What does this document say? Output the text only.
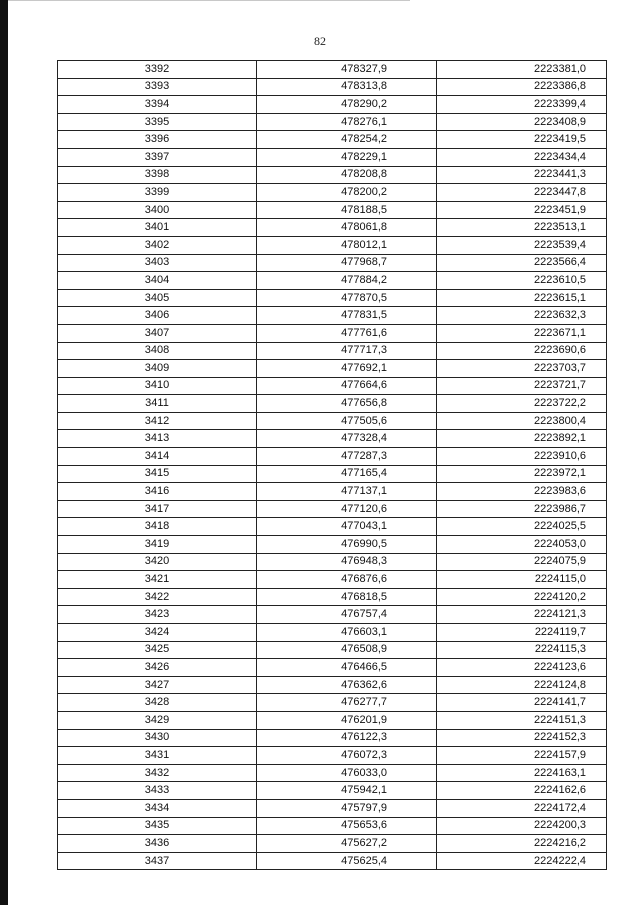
82
3392	478327,9	2223381,0
3393	478313,8	2223386,8
3394	478290,2	2223399,4
3395	478276,1	2223408,9
3396	478254,2	2223419,5
3397	478229,1	2223434,4
3398	478208,8	2223441,3
3399	478200,2	2223447,8
3400	478188,5	2223451,9
3401	478061,8	2223513,1
3402	478012,1	2223539,4
3403	477968,7	2223566,4
3404	477884,2	2223610,5
3405	477870,5	2223615,1
3406	477831,5	2223632,3
3407	477761,6	2223671,1
3408	477717,3	2223690,6
3409	477692,1	2223703,7
3410	477664,6	2223721,7
3411	477656,8	2223722,2
3412	477505,6	2223800,4
3413	477328,4	2223892,1
3414	477287,3	2223910,6
3415	477165,4	2223972,1
3416	477137,1	2223983,6
3417	477120,6	2223986,7
3418	477043,1	2224025,5
3419	476990,5	2224053,0
3420	476948,3	2224075,9
3421	476876,6	2224115,0
3422	476818,5	2224120,2
3423	476757,4	2224121,3
3424	476603,1	2224119,7
3425	476508,9	2224115,3
3426	476466,5	2224123,6
3427	476362,6	2224124,8
3428	476277,7	2224141,7
3429	476201,9	2224151,3
3430	476122,3	2224152,3
3431	476072,3	2224157,9
3432	476033,0	2224163,1
3433	475942,1	2224162,6
3434	475797,9	2224172,4
3435	475653,6	2224200,3
3436	475627,2	2224216,2
3437	475625,4	2224222,4
